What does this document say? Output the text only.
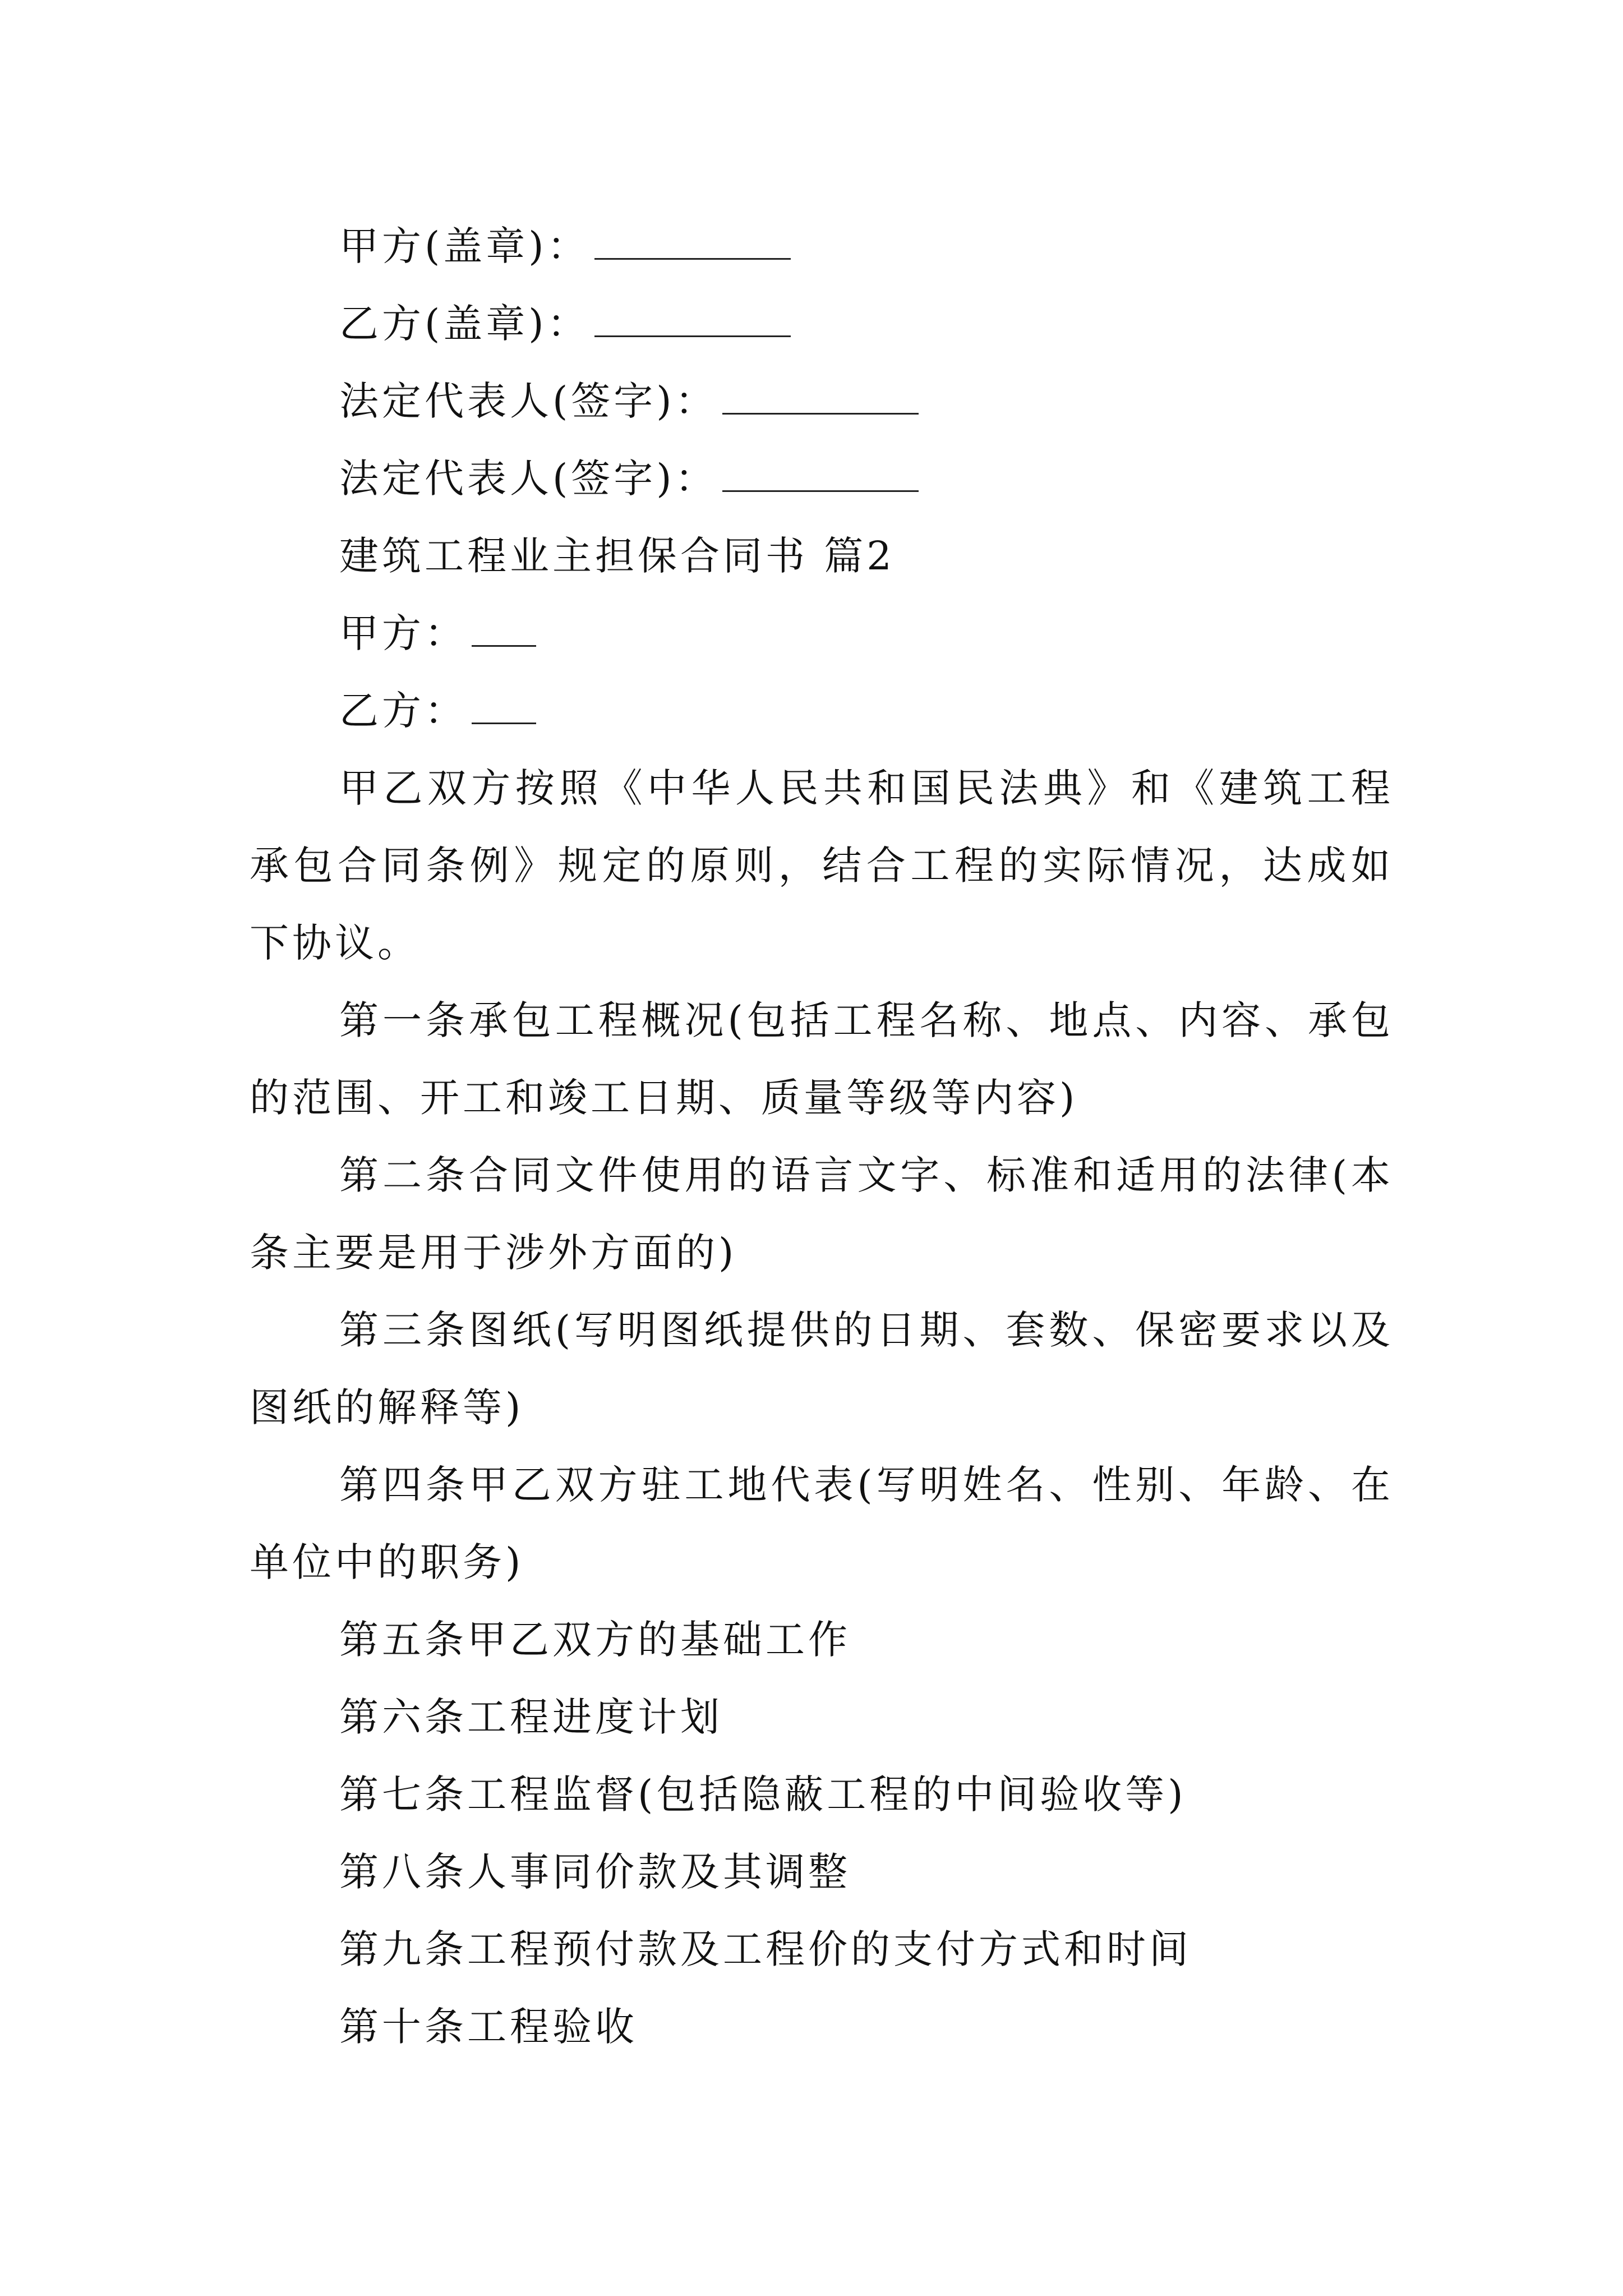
甲方(盖章)：
乙方(盖章)：
法定代表人(签字)：
法定代表人(签字)：
建筑工程业主担保合同书 篇2
甲方：
乙方：
甲乙双方按照《中华人民共和国民法典》和《建筑工程承包合同条例》规定的原则，结合工程的实际情况，达成如下协议。
第一条承包工程概况(包括工程名称、地点、内容、承包的范围、开工和竣工日期、质量等级等内容)
第二条合同文件使用的语言文字、标准和适用的法律(本条主要是用于涉外方面的)
第三条图纸(写明图纸提供的日期、套数、保密要求以及图纸的解释等)
第四条甲乙双方驻工地代表(写明姓名、性别、年龄、在单位中的职务)
第五条甲乙双方的基础工作
第六条工程进度计划
第七条工程监督(包括隐蔽工程的中间验收等)
第八条人事同价款及其调整
第九条工程预付款及工程价的支付方式和时间
第十条工程验收
